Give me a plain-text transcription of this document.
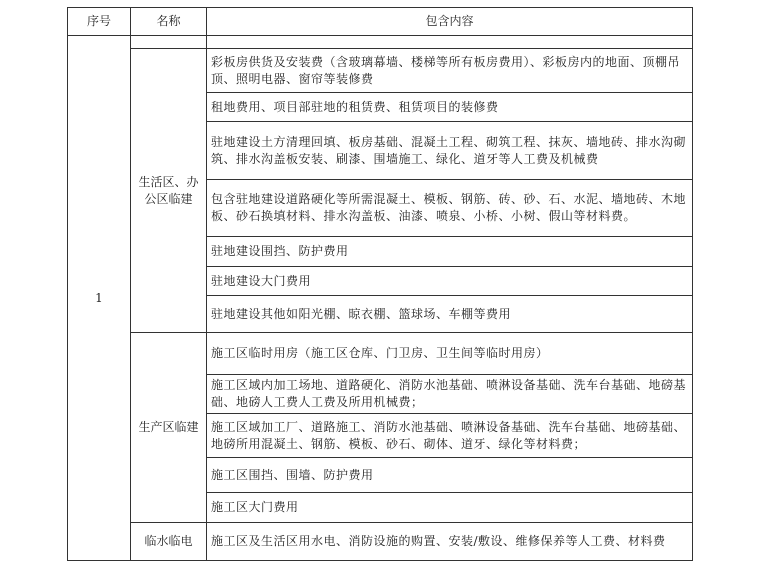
序号	名称	包含内容
1		
	生活区、办公区临建	彩板房供货及安装费（含玻璃幕墙、楼梯等所有板房费用）、彩板房内的地面、顶棚吊顶、照明电器、窗帘等装修费
		租地费用、项目部驻地的租赁费、租赁项目的装修费
		驻地建设土方清理回填、板房基础、混凝土工程、砌筑工程、抹灰、墙地砖、排水沟砌筑、排水沟盖板安装、刷漆、围墙施工、绿化、道牙等人工费及机械费
		包含驻地建设道路硬化等所需混凝土、模板、钢筋、砖、砂、石、水泥、墙地砖、木地板、砂石换填材料、排水沟盖板、油漆、喷泉、小桥、小树、假山等材料费。
		驻地建设围挡、防护费用
		驻地建设大门费用
		驻地建设其他如阳光棚、晾衣棚、篮球场、车棚等费用
	生产区临建	施工区临时用房（施工区仓库、门卫房、卫生间等临时用房）
		施工区域内加工场地、道路硬化、消防水池基础、喷淋设备基础、洗车台基础、地磅基础、地磅人工费人工费及所用机械费；
		施工区域加工厂、道路施工、消防水池基础、喷淋设备基础、洗车台基础、地磅基础、地磅所用混凝土、钢筋、模板、砂石、砌体、道牙、绿化等材料费；
		施工区围挡、围墙、防护费用
		施工区大门费用
	临水临电	施工区及生活区用水电、消防设施的购置、安装/敷设、维修保养等人工费、材料费
